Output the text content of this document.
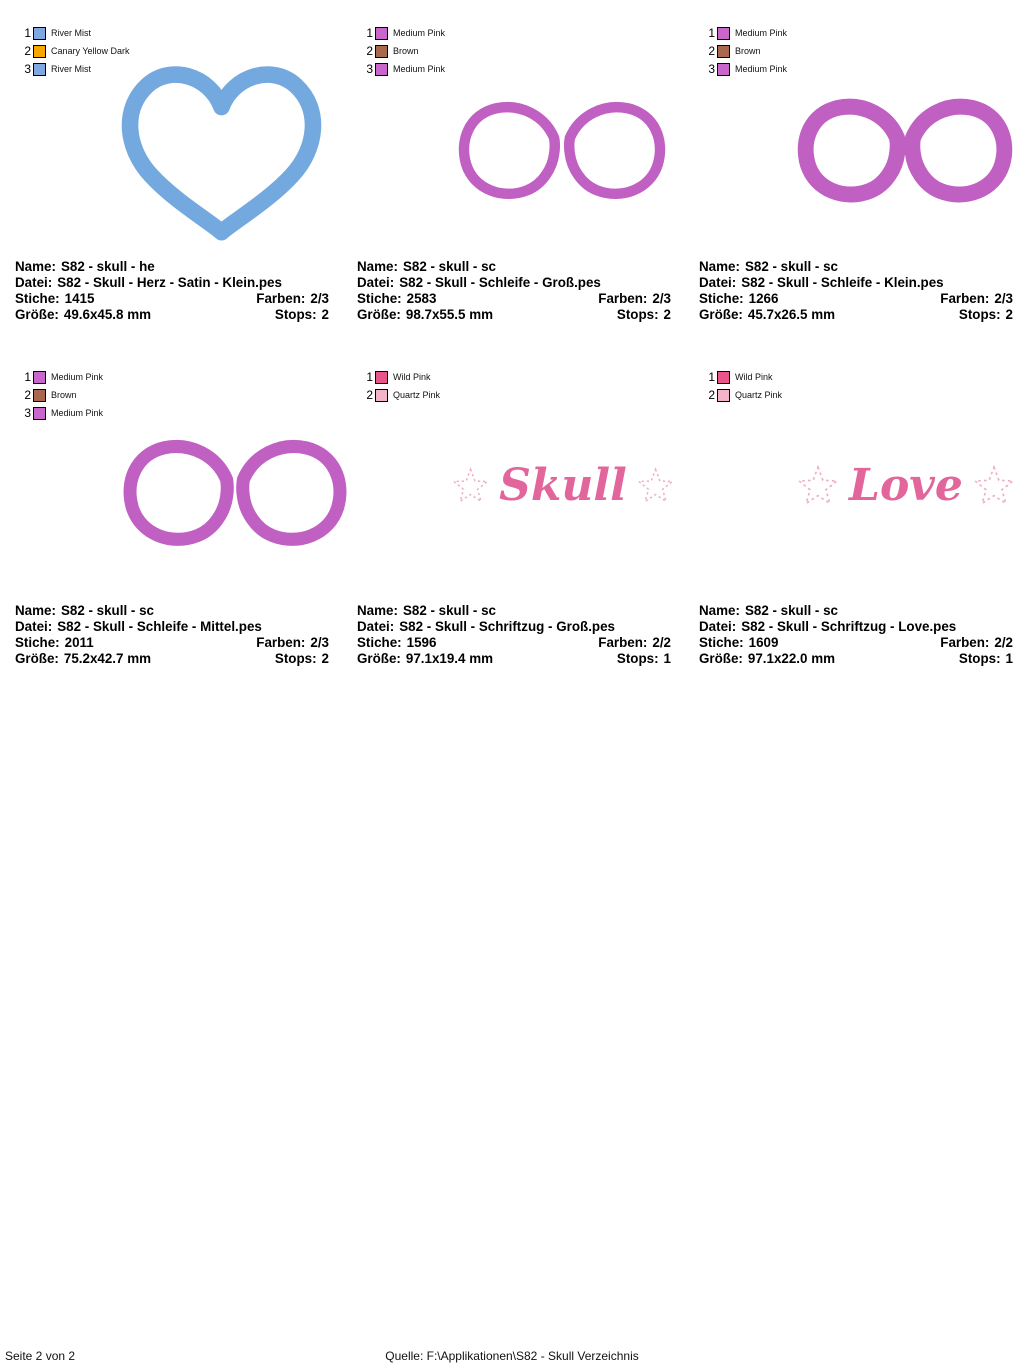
1 River Mist
2 Canary Yellow Dark
3 River Mist
Name: S82 - skull - he
Datei: S82 - Skull - Herz - Satin - Klein.pes
Stiche: 1415	Farben: 2/3
Größe: 49.6x45.8 mm	Stops: 2
1 Medium Pink
2 Brown
3 Medium Pink
Name: S82 - skull - sc
Datei: S82 - Skull - Schleife - Groß.pes
Stiche: 2583	Farben: 2/3
Größe: 98.7x55.5 mm	Stops: 2
1 Medium Pink
2 Brown
3 Medium Pink
Name: S82 - skull - sc
Datei: S82 - Skull - Schleife - Klein.pes
Stiche: 1266	Farben: 2/3
Größe: 45.7x26.5 mm	Stops: 2
1 Medium Pink
2 Brown
3 Medium Pink
Name: S82 - skull - sc
Datei: S82 - Skull - Schleife - Mittel.pes
Stiche: 2011	Farben: 2/3
Größe: 75.2x42.7 mm	Stops: 2
1 Wild Pink
2 Quartz Pink
Skull
Name: S82 - skull - sc
Datei: S82 - Skull - Schriftzug - Groß.pes
Stiche: 1596	Farben: 2/2
Größe: 97.1x19.4 mm	Stops: 1
1 Wild Pink
2 Quartz Pink
Love
Name: S82 - skull - sc
Datei: S82 - Skull - Schriftzug - Love.pes
Stiche: 1609	Farben: 2/2
Größe: 97.1x22.0 mm	Stops: 1
Seite 2 von 2	Quelle: F:\Applikationen\S82 - Skull Verzeichnis
